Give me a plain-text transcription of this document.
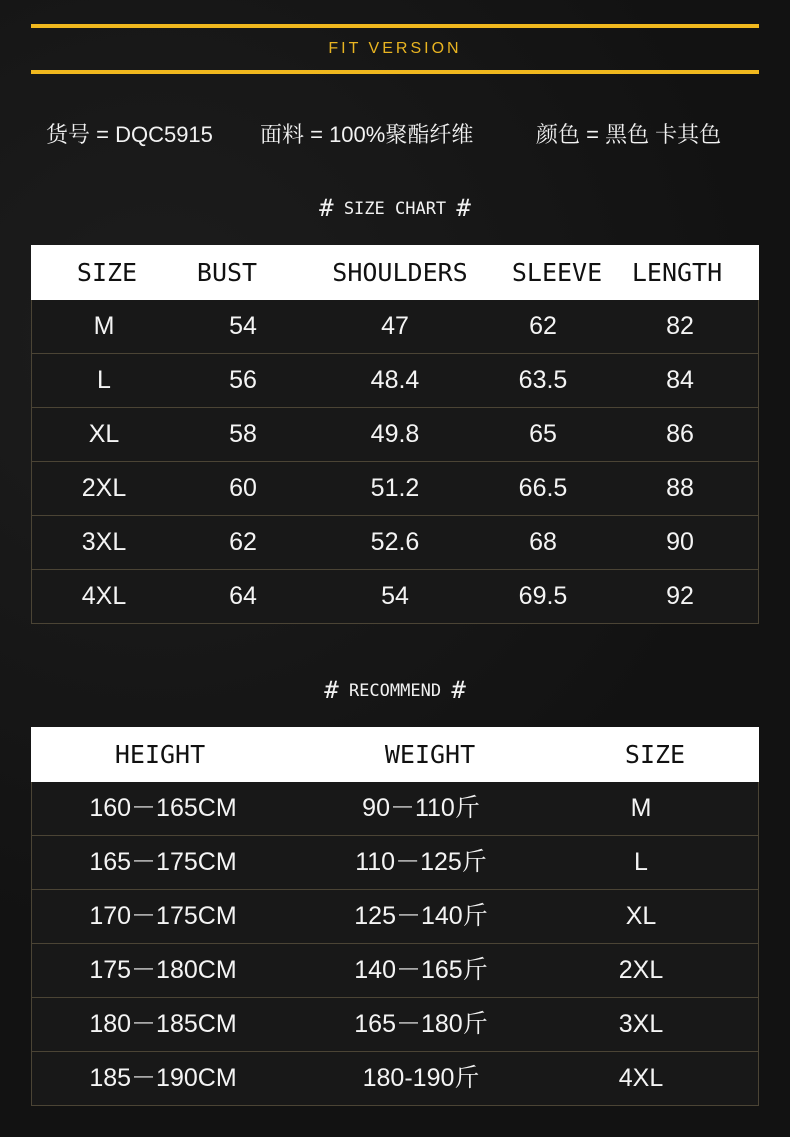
FIT VERSION
货号 = DQC5915 面料 = 100%聚酯纤维	颜色 = 黑色 卡其色
# SIZE CHART #
SIZE BUST	SHOULDERS SLEEVE LENGTH
M	54	47	62	82
L	56	48.4	63.5	84
XL	58	49.8	65	86
2XL	60	51.2	66.5	88
3XL	62	52.6	68	90
4XL	64	54	69.5	92
# RECOMMEND #
HEIGHT	WEIGHT	SIZE
160－165CM	90－110斤	M
165－175CM	110－125斤	L
170－175CM	125－140斤	XL
175－180CM	140－165斤	2XL
180－185CM	165－180斤	3XL
185－190CM	180-190斤	4XL
